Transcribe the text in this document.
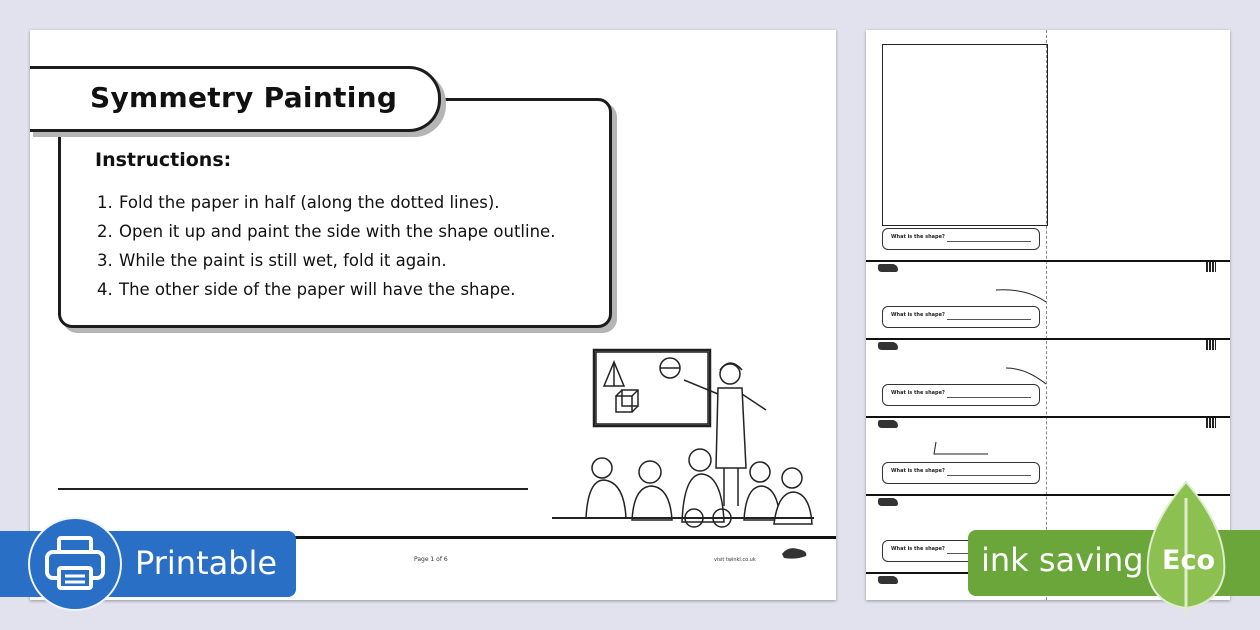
Symmetry Painting
Instructions:
1. Fold the paper in half (along the dotted lines).
2. Open it up and paint the side with the shape outline.
3. While the paint is still wet, fold it again.
4. The other side of the paper will have the shape.
Page 1 of 6	visit twinkl.co.uk
What is the shape?
What is the shape?
What is the shape?
What is the shape?
What is the shape?
Printable	ink saving Eco
